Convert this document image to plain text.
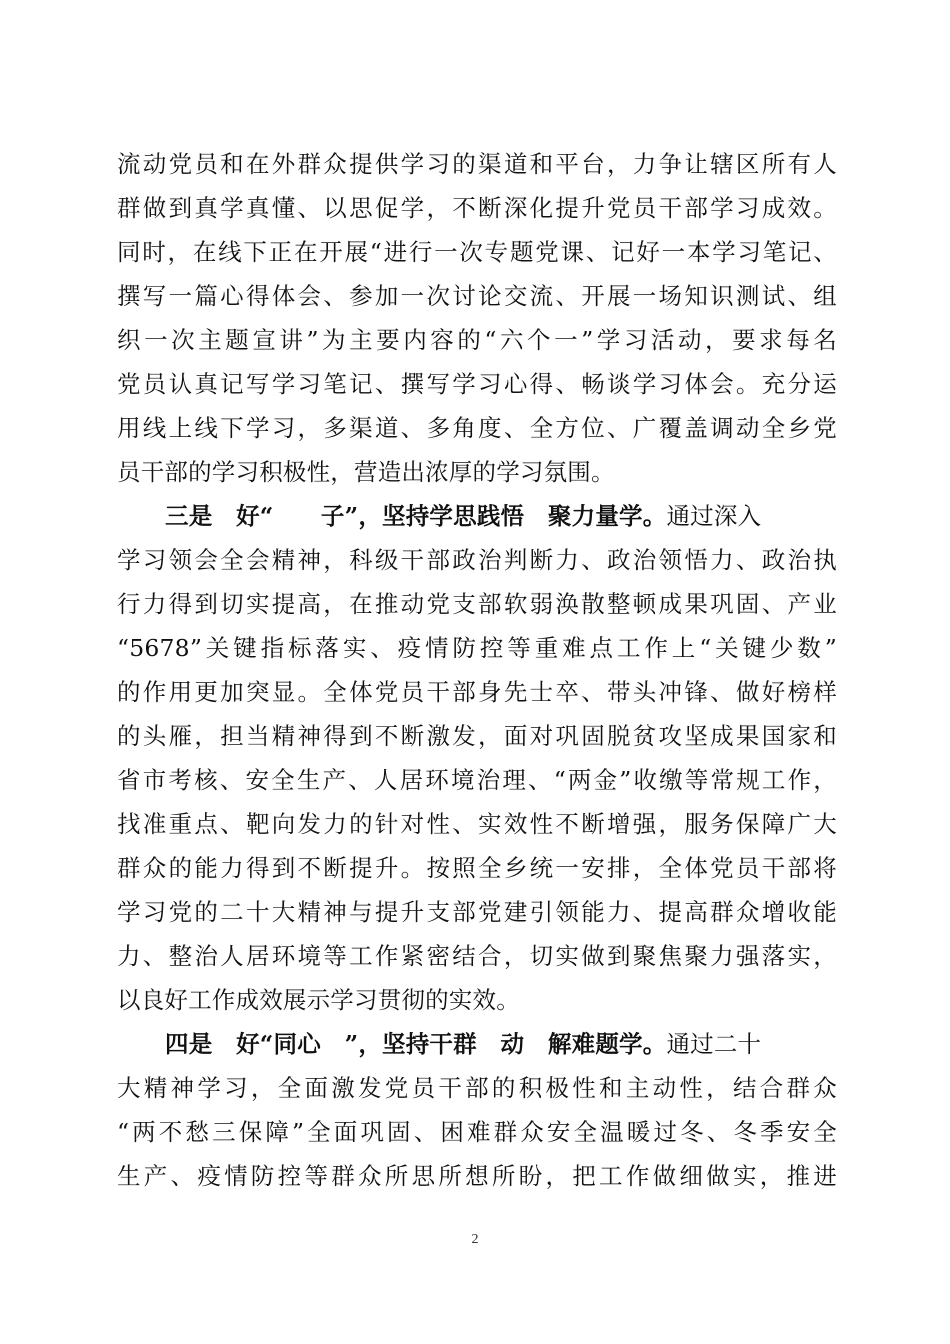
流动党员和在外群众提供学习的渠道和平台，力争让辖区所有人
群做到真学真懂、以思促学，不断深化提升党员干部学习成效。
同时，在线下正在开展“进行一次专题党课、记好一本学习笔记、
撰写一篇心得体会、参加一次讨论交流、开展一场知识测试、组
织一次主题宣讲”为主要内容的“六个一”学习活动，要求每名
党员认真记写学习笔记、撰写学习心得、畅谈学习体会。充分运
用线上线下学习，多渠道、多角度、全方位、广覆盖调动全乡党
员干部的学习积极性，营造出浓厚的学习氛围。
三是　好“　　子”，坚持学思践悟　聚力量学。通过深入
学习领会全会精神，科级干部政治判断力、政治领悟力、政治执
行力得到切实提高，在推动党支部软弱涣散整顿成果巩固、产业
“5678”关键指标落实、疫情防控等重难点工作上“关键少数”
的作用更加突显。全体党员干部身先士卒、带头冲锋、做好榜样
的头雁，担当精神得到不断激发，面对巩固脱贫攻坚成果国家和
省市考核、安全生产、人居环境治理、“两金”收缴等常规工作，
找准重点、靶向发力的针对性、实效性不断增强，服务保障广大
群众的能力得到不断提升。按照全乡统一安排，全体党员干部将
学习党的二十大精神与提升支部党建引领能力、提高群众增收能
力、整治人居环境等工作紧密结合，切实做到聚焦聚力强落实，
以良好工作成效展示学习贯彻的实效。
四是　好“同心　”，坚持干群　动　解难题学。通过二十
大精神学习，全面激发党员干部的积极性和主动性，结合群众
“两不愁三保障”全面巩固、困难群众安全温暖过冬、冬季安全
生产、疫情防控等群众所思所想所盼，把工作做细做实，推进
2
